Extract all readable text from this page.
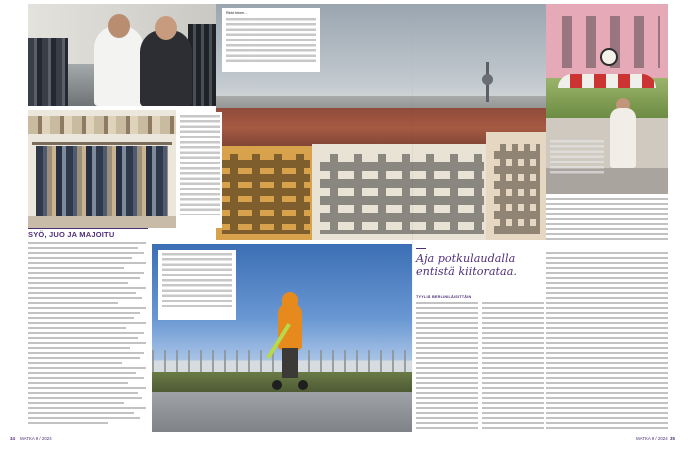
Rinkt tekee...
SYÖ, JUO JA MAJOITU
Aja potkulaudalla entistä kiitorataa.
TYYLIÄ BERLINILÄISITTÄIN
34 MATKA 9 / 2024	MATKA 9 / 2024 35
